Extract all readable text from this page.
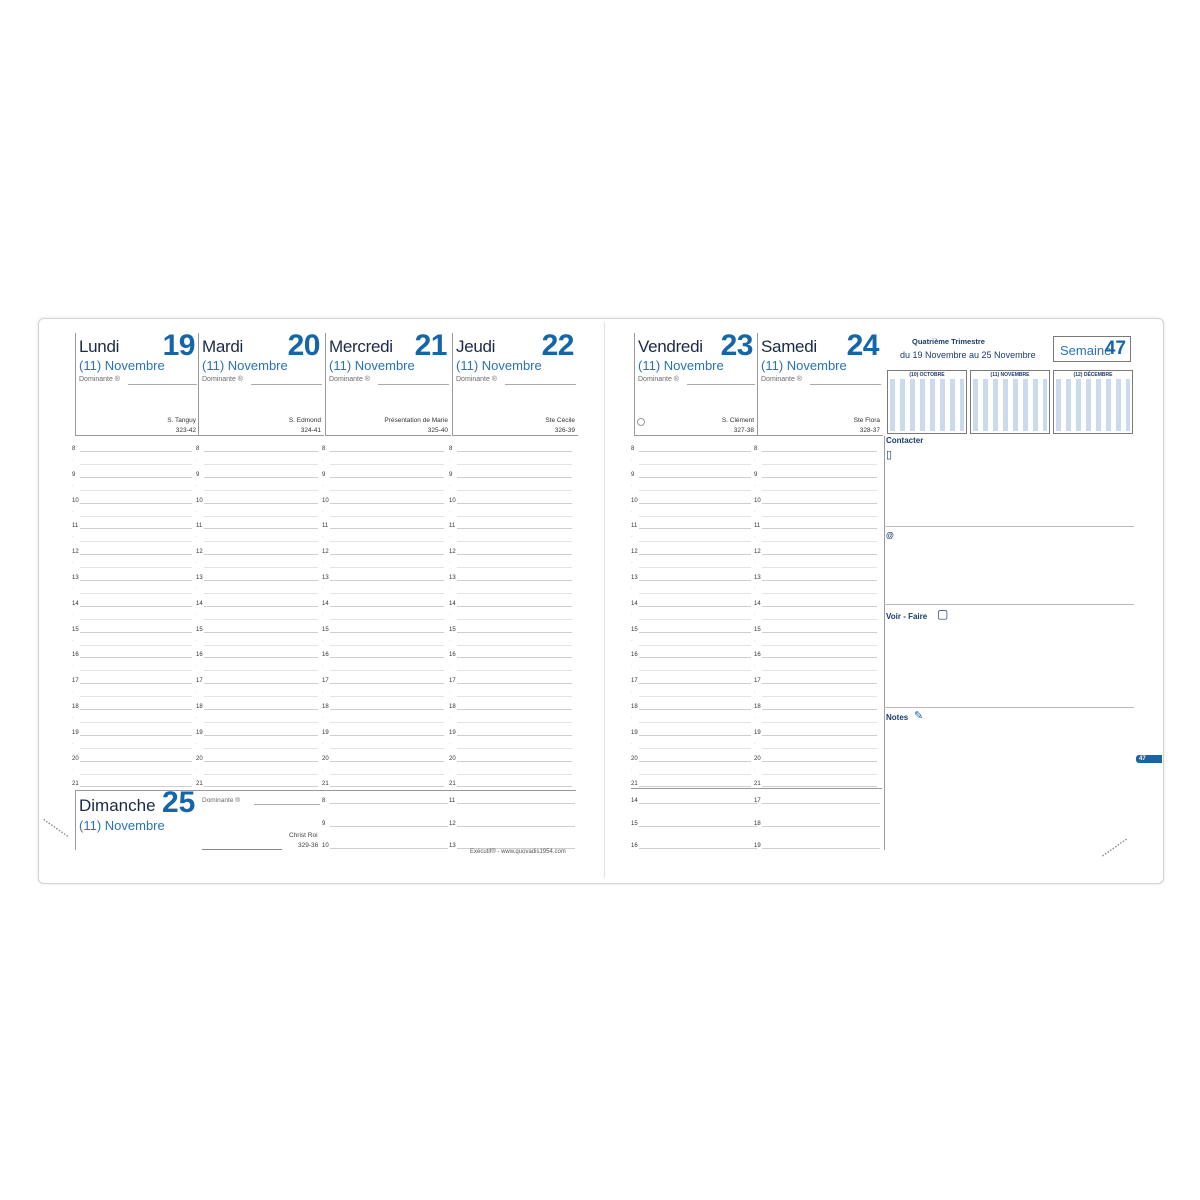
Lundi 19
(11) Novembre
Dominante ®
S. Tanguy
323-42
Mardi 20
(11) Novembre
Dominante ®
S. Edmond
324-41
Mercredi 21
(11) Novembre
Dominante ®
Présentation de Marie
325-40
Jeudi 22
(11) Novembre
Dominante ®
Ste Cécile
326-39
Vendredi 23
(11) Novembre
Dominante ®
S. Clément
327-38
Samedi 24
(11) Novembre
Dominante ®
Ste Flora
328-37
8
·
9
·
10
·
11
·
12
·
13
·
14
·
15
·
16
·
17
·
18
·
19
·
20
·
21
8
·
9
·
10
·
11
·
12
·
13
·
14
·
15
·
16
·
17
·
18
·
19
·
20
·
21
8
·
9
·
10
·
11
·
12
·
13
·
14
·
15
·
16
·
17
·
18
·
19
·
20
·
21
8
·
9
·
10
·
11
·
12
·
13
·
14
·
15
·
16
·
17
·
18
·
19
·
20
·
21
8
·
9
·
10
·
11
·
12
·
13
·
14
·
15
·
16
·
17
·
18
·
19
·
20
·
21
8
·
9
·
10
·
11
·
12
·
13
·
14
·
15
·
16
·
17
·
18
·
19
·
20
·
21
8
9
10
11
12
13
14
15
16
17
18
19
Dimanche 25
(11) Novembre
Dominante ®
Christ Roi
329-36
Exécutif® - www.quovadis1954.com
Quatrième Trimestre
du 19 Novembre au 25 Novembre Semaine
47
(10) OCTOBRE	(11) NOVEMBRE	(12) DÉCEMBRE
Contacter
▯
@
Voir - Faire ▢
Notes ✎
47
••••••••••
••••••••••
